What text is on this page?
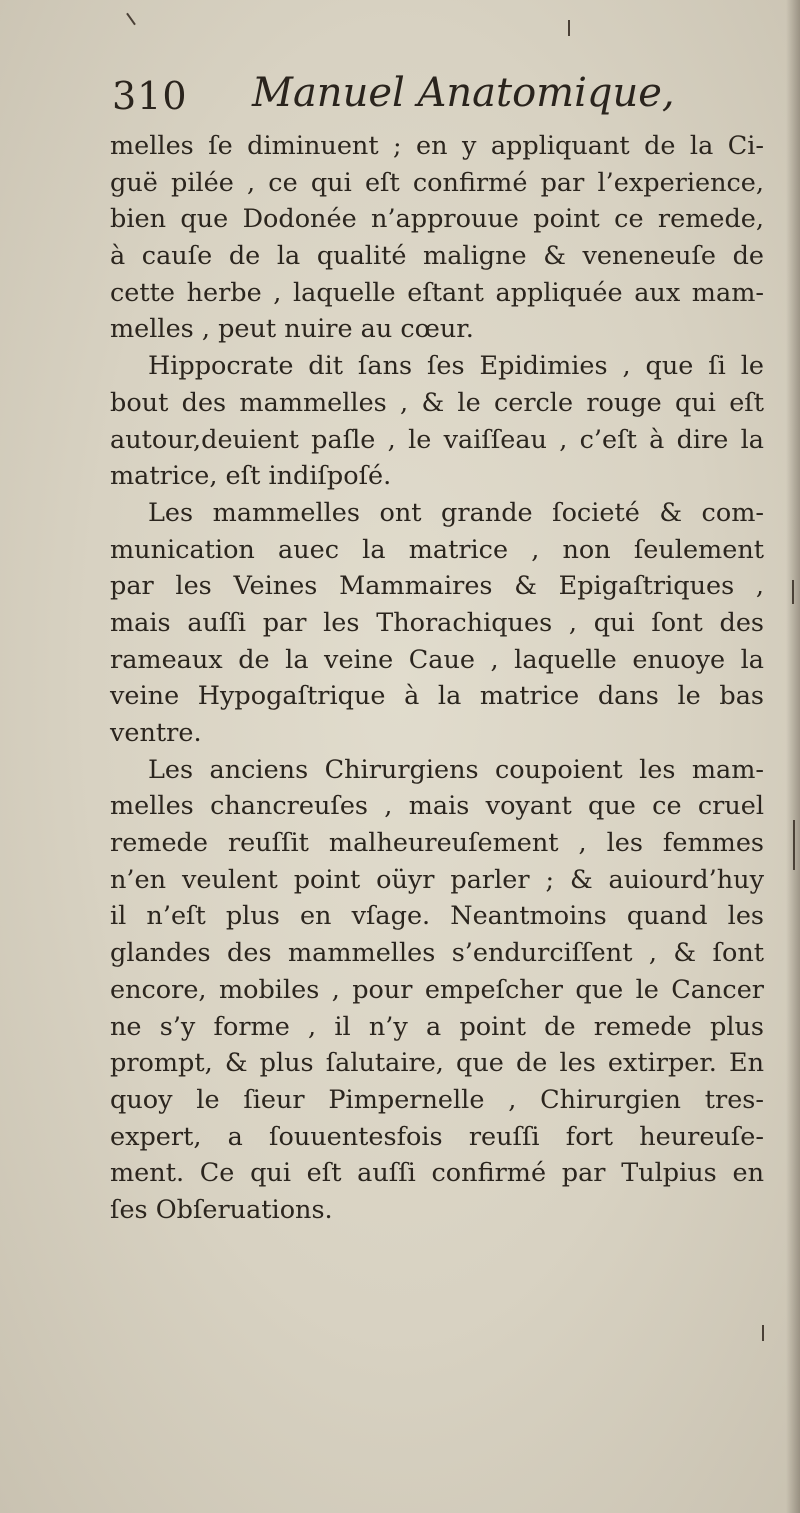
310 Manuel Anatomique,
melles ſe diminuent ; en y appliquant de la Ci-
guë pilée , ce qui eſt confirmé par l’experience,
bien que Dodonée n’approuue point ce remede,
à cauſe de la qualité maligne & veneneuſe de
cette herbe , laquelle eſtant appliquée aux mam-
melles , peut nuire au cœur.
Hippocrate dit ſans ſes Epidimies , que ſi le
bout des mammelles , & le cercle rouge qui eſt
autour,deuient paſle , le vaiſſeau , c’eſt à dire la
matrice, eſt indiſpoſé.
Les mammelles ont grande ſocieté & com-
munication auec la matrice , non ſeulement
par les Veines Mammaires & Epigaſtriques ,
mais auſſi par les Thorachiques , qui ſont des
rameaux de la veine Caue , laquelle enuoye la
veine Hypogaſtrique à la matrice dans le bas
ventre.
Les anciens Chirurgiens coupoient les mam-
melles chancreuſes , mais voyant que ce cruel
remede reuſſit malheureuſement , les femmes
n’en veulent point oüyr parler ; & auiourd’huy
il n’eſt plus en vſage. Neantmoins quand les
glandes des mammelles s’endurciſſent , & ſont
encore, mobiles , pour empeſcher que le Cancer
ne s’y forme , il n’y a point de remede plus
prompt, & plus ſalutaire, que de les extirper. En
quoy le ſieur Pimpernelle , Chirurgien tres-
expert, a ſouuentesfois reuſſi fort heureuſe-
ment. Ce qui eſt auſſi confirmé par Tulpius en
ſes Obſeruations.
